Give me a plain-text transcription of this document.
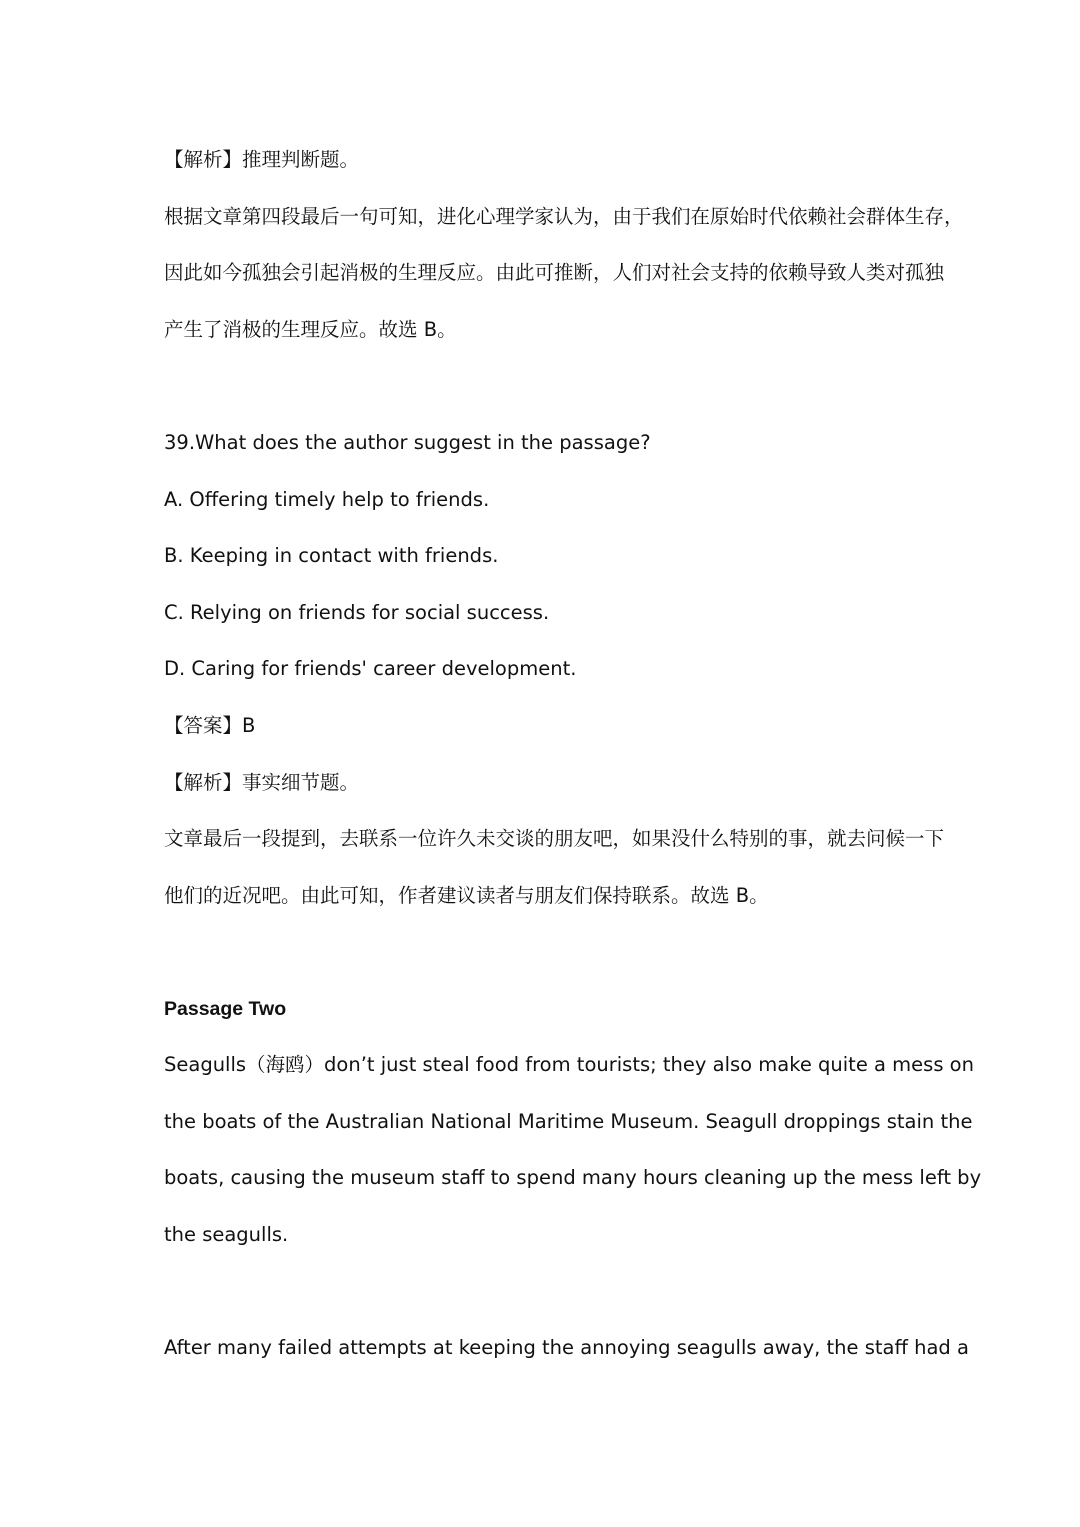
【解析】推理判断题。
根据文章第四段最后一句可知，进化心理学家认为，由于我们在原始时代依赖社会群体生存，
因此如今孤独会引起消极的生理反应。由此可推断，人们对社会支持的依赖导致人类对孤独
产生了消极的生理反应。故选 B。
39.What does the author suggest in the passage?
A. Offering timely help to friends.
B. Keeping in contact with friends.
C. Relying on friends for social success.
D. Caring for friends' career development.
【答案】B
【解析】事实细节题。
文章最后一段提到，去联系一位许久未交谈的朋友吧，如果没什么特别的事，就去问候一下
他们的近况吧。由此可知，作者建议读者与朋友们保持联系。故选 B。
Passage Two
Seagulls（海鸥）don’t just steal food from tourists; they also make quite a mess on
the boats of the Australian National Maritime Museum. Seagull droppings stain the
boats, causing the museum staff to spend many hours cleaning up the mess left by
the seagulls.
After many failed attempts at keeping the annoying seagulls away, the staff had a
